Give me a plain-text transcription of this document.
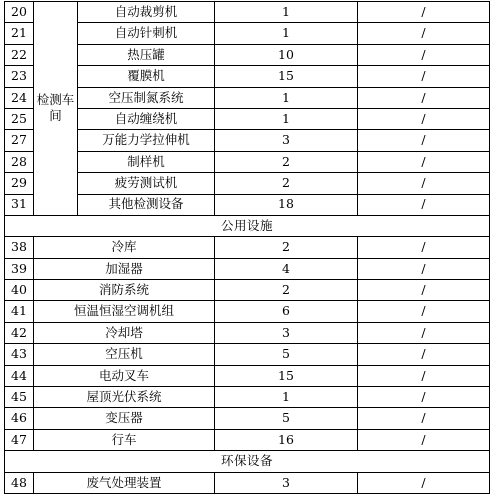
20	检测车间	自动裁剪机	1	/
21		自动针刺机	1	/
22		热压罐	10	/
23		覆膜机	15	/
24		空压制氮系统	1	/
25		自动缠绕机	1	/
27		万能力学拉伸机	3	/
28		制样机	2	/
29		疲劳测试机	2	/
31		其他检测设备	18	/
公用设施				
38	冷库		2	/
39	加湿器		4	/
40	消防系统		2	/
41	恒温恒湿空调机组		6	/
42	冷却塔		3	/
43	空压机		5	/
44	电动叉车		15	/
45	屋顶光伏系统		1	/
46	变压器		5	/
47	行车		16	/
环保设备				
48	废气处理装置		3	/
